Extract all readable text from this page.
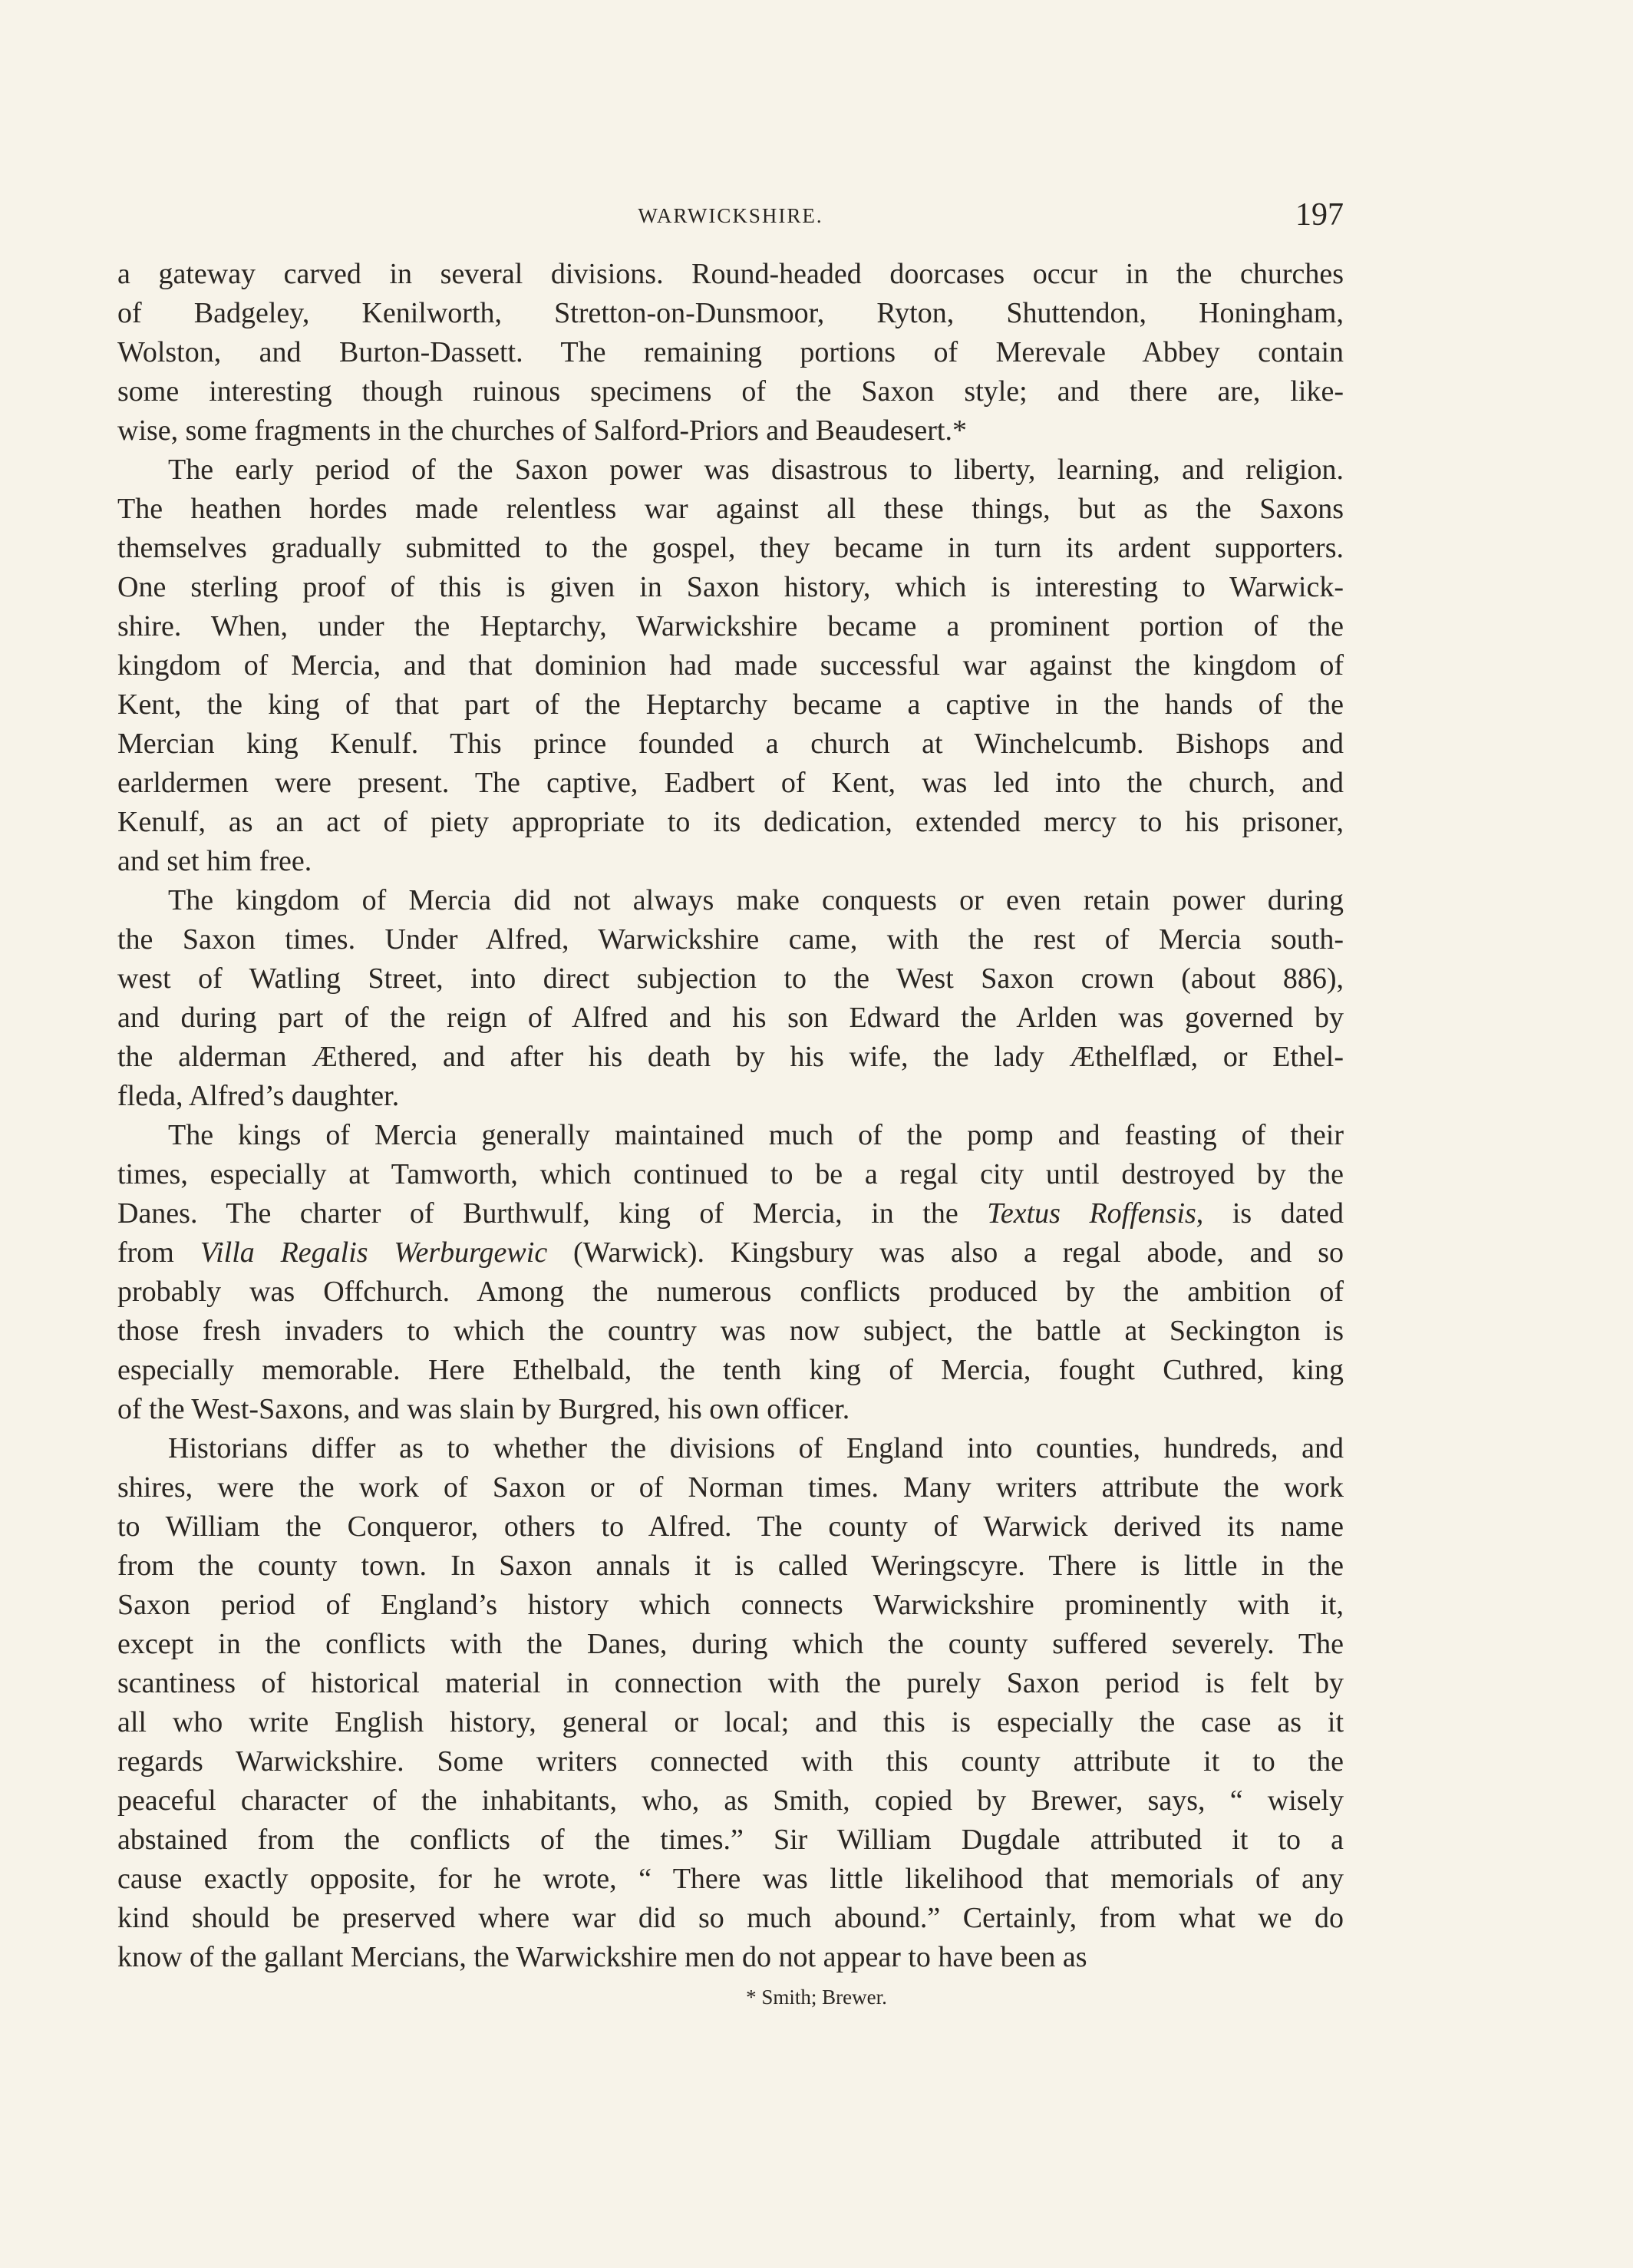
WARWICKSHIRE.	197
a gateway carved in several divisions. Round-headed doorcases occur in the churches
of Badgeley, Kenilworth, Stretton-on-Dunsmoor, Ryton, Shuttendon, Honingham,
Wolston, and Burton-Dassett. The remaining portions of Merevale Abbey contain
some interesting though ruinous specimens of the Saxon style; and there are, like-
wise, some fragments in the churches of Salford-Priors and Beaudesert.*
The early period of the Saxon power was disastrous to liberty, learning, and religion.
The heathen hordes made relentless war against all these things, but as the Saxons
themselves gradually submitted to the gospel, they became in turn its ardent supporters.
One sterling proof of this is given in Saxon history, which is interesting to Warwick-
shire. When, under the Heptarchy, Warwickshire became a prominent portion of the
kingdom of Mercia, and that dominion had made successful war against the kingdom of
Kent, the king of that part of the Heptarchy became a captive in the hands of the
Mercian king Kenulf. This prince founded a church at Winchelcumb. Bishops and
earldermen were present. The captive, Eadbert of Kent, was led into the church, and
Kenulf, as an act of piety appropriate to its dedication, extended mercy to his prisoner,
and set him free.
The kingdom of Mercia did not always make conquests or even retain power during
the Saxon times. Under Alfred, Warwickshire came, with the rest of Mercia south-
west of Watling Street, into direct subjection to the West Saxon crown (about 886),
and during part of the reign of Alfred and his son Edward the Arlden was governed by
the alderman Æthered, and after his death by his wife, the lady Æthelflæd, or Ethel-
fleda, Alfred’s daughter.
The kings of Mercia generally maintained much of the pomp and feasting of their
times, especially at Tamworth, which continued to be a regal city until destroyed by the
Danes. The charter of Burthwulf, king of Mercia, in the Textus Roffensis, is dated
from Villa Regalis Werburgewic (Warwick). Kingsbury was also a regal abode, and so
probably was Offchurch. Among the numerous conflicts produced by the ambition of
those fresh invaders to which the country was now subject, the battle at Seckington is
especially memorable. Here Ethelbald, the tenth king of Mercia, fought Cuthred, king
of the West-Saxons, and was slain by Burgred, his own officer.
Historians differ as to whether the divisions of England into counties, hundreds, and
shires, were the work of Saxon or of Norman times. Many writers attribute the work
to William the Conqueror, others to Alfred. The county of Warwick derived its name
from the county town. In Saxon annals it is called Weringscyre. There is little in the
Saxon period of England’s history which connects Warwickshire prominently with it,
except in the conflicts with the Danes, during which the county suffered severely. The
scantiness of historical material in connection with the purely Saxon period is felt by
all who write English history, general or local; and this is especially the case as it
regards Warwickshire. Some writers connected with this county attribute it to the
peaceful character of the inhabitants, who, as Smith, copied by Brewer, says, “ wisely
abstained from the conflicts of the times.” Sir William Dugdale attributed it to a
cause exactly opposite, for he wrote, “ There was little likelihood that memorials of any
kind should be preserved where war did so much abound.” Certainly, from what we do
know of the gallant Mercians, the Warwickshire men do not appear to have been as
* Smith; Brewer.
